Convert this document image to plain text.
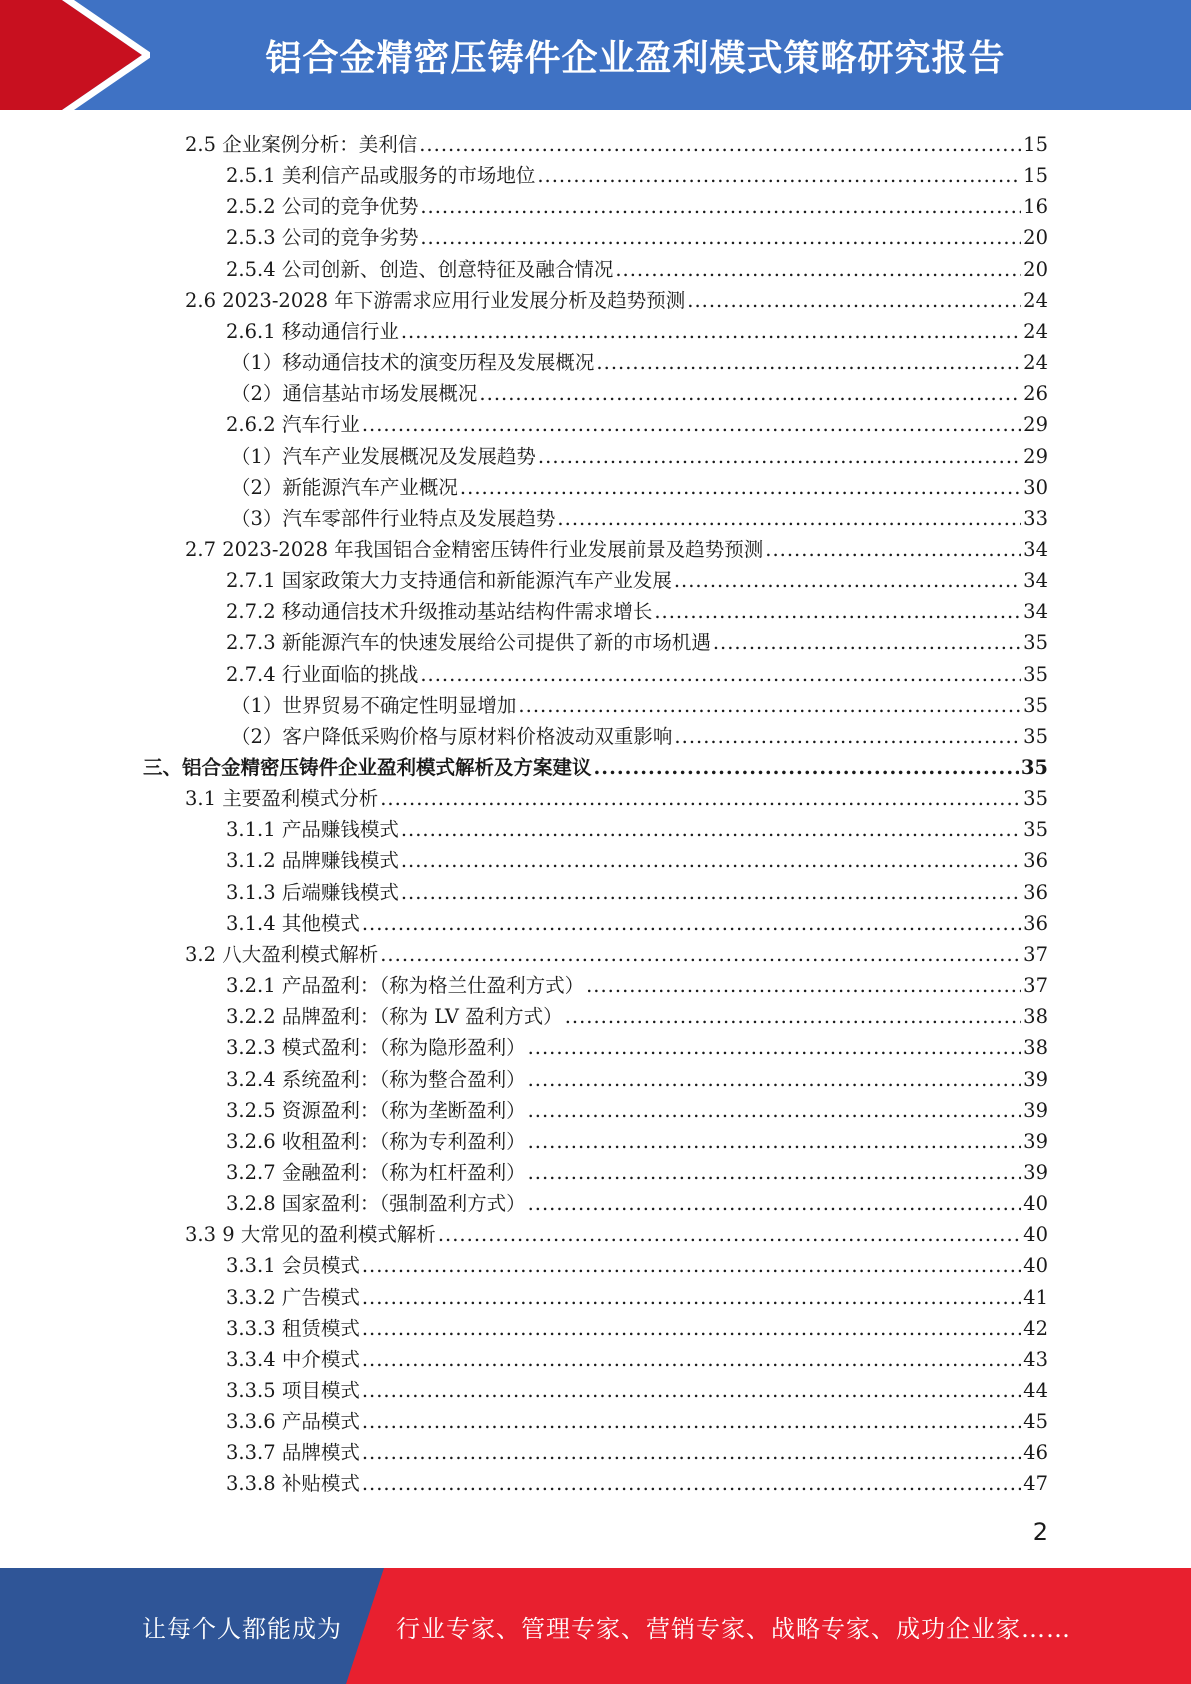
铝合金精密压铸件企业盈利模式策略研究报告
2.5 企业案例分析：美利信 .....	15
2.5.1 美利信产品或服务的市场地位 .....	15
2.5.2 公司的竞争优势 .....	16
2.5.3 公司的竞争劣势 .....	20
2.5.4 公司创新、创造、创意特征及融合情况 .....	20
2.6 2023-2028 年下游需求应用行业发展分析及趋势预测 .....	24
2.6.1 移动通信行业 .....	24
（1）移动通信技术的演变历程及发展概况 .....	24
（2）通信基站市场发展概况 .....	26
2.6.2 汽车行业 .....	29
（1）汽车产业发展概况及发展趋势 .....	29
（2）新能源汽车产业概况 .....	30
（3）汽车零部件行业特点及发展趋势 .....	33
2.7 2023-2028 年我国铝合金精密压铸件行业发展前景及趋势预测 .....	34
2.7.1 国家政策大力支持通信和新能源汽车产业发展 .....	34
2.7.2 移动通信技术升级推动基站结构件需求增长 .....	34
2.7.3 新能源汽车的快速发展给公司提供了新的市场机遇 .....	35
2.7.4 行业面临的挑战 .....	35
（1）世界贸易不确定性明显增加 .....	35
（2）客户降低采购价格与原材料价格波动双重影响 .....	35
三、铝合金精密压铸件企业盈利模式解析及方案建议 .....	35
3.1 主要盈利模式分析 .....	35
3.1.1 产品赚钱模式 .....	35
3.1.2 品牌赚钱模式 .....	36
3.1.3 后端赚钱模式 .....	36
3.1.4 其他模式 .....	36
3.2 八大盈利模式解析 .....	37
3.2.1 产品盈利：（称为格兰仕盈利方式） .....	37
3.2.2 品牌盈利：（称为 LV 盈利方式） .....	38
3.2.3 模式盈利：（称为隐形盈利） .....	38
3.2.4 系统盈利：（称为整合盈利） .....	39
3.2.5 资源盈利：（称为垄断盈利） .....	39
3.2.6 收租盈利：（称为专利盈利） .....	39
3.2.7 金融盈利：（称为杠杆盈利） .....	39
3.2.8 国家盈利：（强制盈利方式） .....	40
3.3 9 大常见的盈利模式解析 .....	40
3.3.1 会员模式 .....	40
3.3.2 广告模式 .....	41
3.3.3 租赁模式 .....	42
3.3.4 中介模式 .....	43
3.3.5 项目模式 .....	44
3.3.6 产品模式 .....	45
3.3.7 品牌模式 .....	46
3.3.8 补贴模式 .....	47
2
让每个人都能成为 行业专家、管理专家、营销专家、战略专家、成功企业家……
